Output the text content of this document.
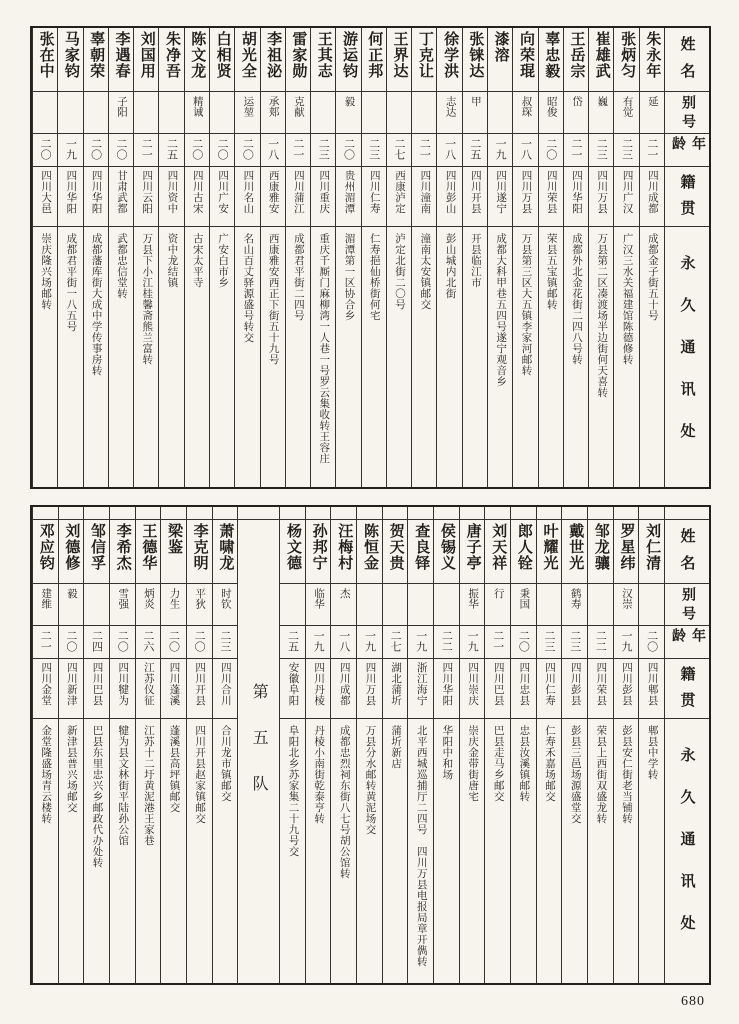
姓名
别号
年龄
籍贯
永久通讯处
朱永年
延
二一
四川成都
成都金子街五十号
张炳匀
有觉
二三
四川广汉
广汉三水关福建馆陈德修转
崔雄武
巍
二三
四川万县
万县第二区凑渡场半边街何天喜转
王岳宗
岱
二一
四川华阳
成都外北金花街二四八号转
辜忠毅
昭俊
二〇
四川荣县
荣县五宝镇邮转
向荣琨
叔琛
一八
四川万县
万县第三区大五镇李家河邮转
漆溶
一九
四川遂宁
成都大科甲巷五四号遂宁观音乡
张铼达
甲
二五
四川开县
开县临江市
徐学洪
志达
一八
四川彭山
彭山城内北街
丁克让
二一
四川潼南
潼南太安镇邮交
王界达
二七
西康泸定
泸定北街二〇号
何正邦
二三
四川仁寿
仁寿挹仙桥街何宅
游运钧
毅
二〇
贵州湄潭
湄潭第一区协合乡
王其志
二三
四川重庆
重庆千厮门麻柳湾一人巷一号罗云集收转王容庄
雷家勋
克献
二一
四川蒲江
成都君平街二四号
李祖泌
承郏
一八
西康雅安
西康雅安西正下街五十九号
胡光全
运堃
二〇
四川名山
名山百丈驿源盛号转交
白相贤
二〇
四川广安
广安白市乡
陈文龙
精诚
二〇
四川古宋
古宋太平寺
朱净吾
二五
四川资中
资中龙结镇
刘国用
二一
四川云阳
万县下小江桂馨斋熊兰富转
李遇春
子阳
二〇
甘肃武都
武都忠信堂转
辜朝荣
二〇
四川华阳
成都藩库街大成中学传事房转
马家钧
一九
四川华阳
成都君平街一八五号
张在中
二〇
四川大邑
崇庆隆兴场邮转
姓名
别号
年龄
籍贯
永久通讯处
刘仁清
二〇
四川郫县
郫县中学转
罗星纬
汉崇
一九
四川彭县
彭县安仁街老当铺转
邹龙骧
二二
四川荣县
荣县上西街双盛龙转
戴世光
鹤寿
二三
四川彭县
彭县三邑场源盛堂交
叶耀光
二三
四川仁寿
仁寿禾嘉场邮交
郎人铨
秉国
二〇
四川忠县
忠县汝溪镇邮转
刘天祥
行
二一
四川巴县
巴县走马乡邮交
唐子亭
振华
一九
四川崇庆
崇庆金带街唐宅
侯锡义
二二
四川华阳
华阳中和场
查良铎
一九
浙江海宁
北平西城巡捕厅二四号　四川万县电报局章开儁转
贺天贵
二七
湖北蒲圻
蒲圻新店
陈恒金
一九
四川万县
万县分水邮转黄泥场交
汪梅村
杰
一八
四川成都
成都忠烈祠东街八七号胡公馆转
孙邦宁
临华
一九
四川丹棱
丹棱小南街乾泰亨转
杨文德
二五
安徽阜阳
阜阳北乡苏家集二十九号交
第五队
萧啸龙
时钦
二三
四川合川
合川龙市镇邮交
李克明
平狄
二〇
四川开县
四川开县赵家镇邮交
梁鉴
力生
二〇
四川蓬溪
蓬溪县高坪镇邮交
王德华
炳炎
二六
江苏仪征
江苏十二圩黄泥港王家巷
李希杰
雪强
二〇
四川犍为
犍为县文林街平陆孙公馆
邹信孚
二四
四川巴县
巴县东里忠兴乡邮政代办处转
刘德修
毅
二〇
四川新津
新津县普兴场邮交
邓应钧
建维
二一
四川金堂
金堂隆盛场青云楼转
680
